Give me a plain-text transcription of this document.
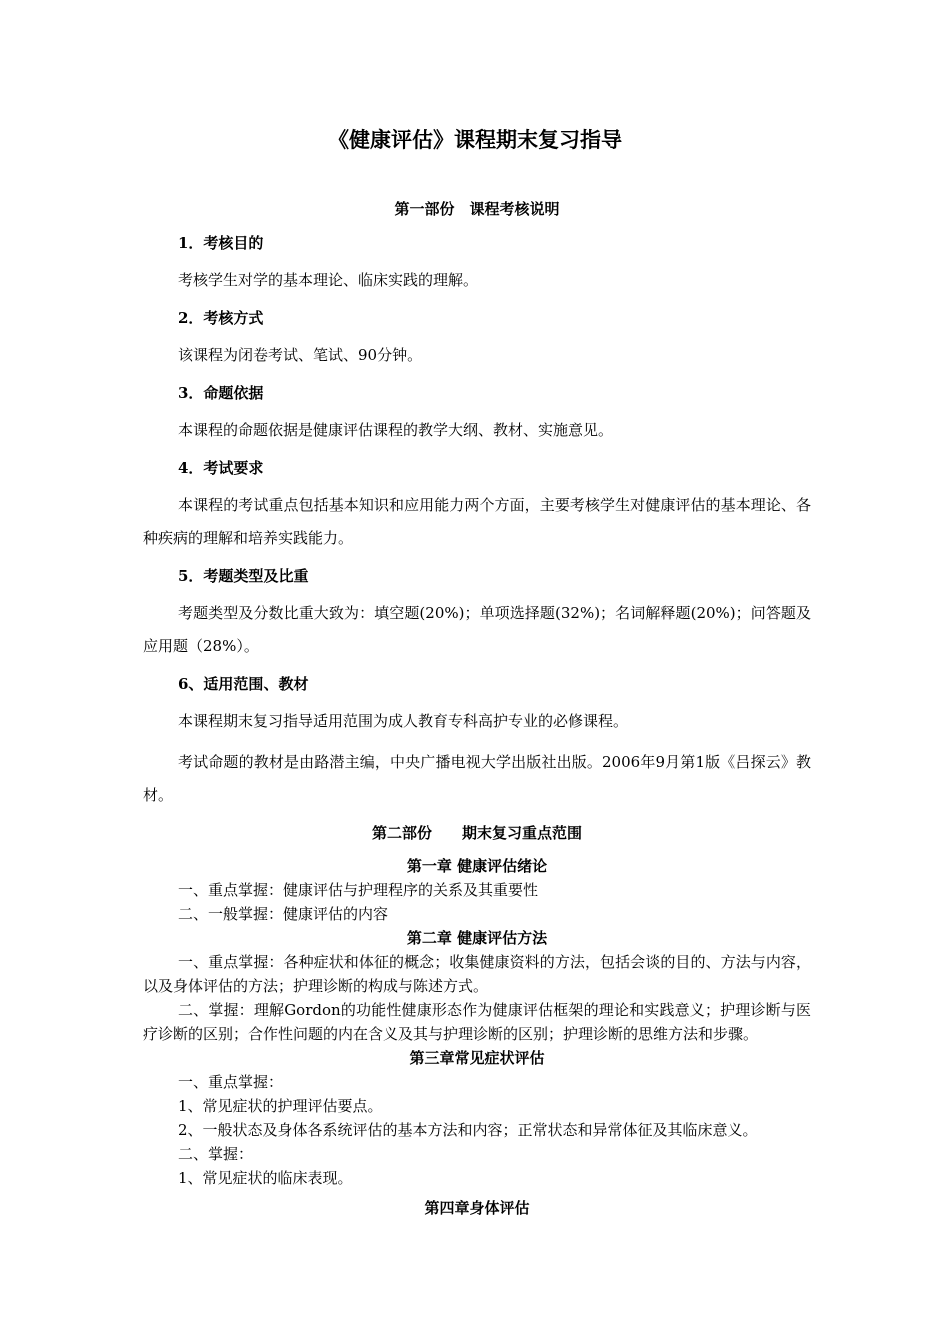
《健康评估》课程期末复习指导
第一部份　课程考核说明
1．考核目的

考核学生对学的基本理论、临床实践的理解。

2．考核方式

该课程为闭卷考试、笔试、90分钟。

3．命题依据

本课程的命题依据是健康评估课程的教学大纲、教材、实施意见。

4．考试要求

本课程的考试重点包括基本知识和应用能力两个方面，主要考核学生对健康评估的基本理论、各种疾病的理解和培养实践能力。

5．考题类型及比重

考题类型及分数比重大致为：填空题(20%)；单项选择题(32%)；名词解释题(20%)；问答题及应用题（28%）。

6、适用范围、教材

本课程期末复习指导适用范围为成人教育专科高护专业的必修课程。

考试命题的教材是由路潜主编，中央广播电视大学出版社出版。2006年9月第1版《吕探云》教材。

第二部份　　期末复习重点范围
第一章 健康评估绪论

一、重点掌握：健康评估与护理程序的关系及其重要性

二、一般掌握：健康评估的内容

第二章 健康评估方法

一、重点掌握：各种症状和体征的概念；收集健康资料的方法，包括会谈的目的、方法与内容，以及身体评估的方法；护理诊断的构成与陈述方式。

二、掌握：理解Gordon的功能性健康形态作为健康评估框架的理论和实践意义；护理诊断与医疗诊断的区别；合作性问题的内在含义及其与护理诊断的区别；护理诊断的思维方法和步骤。

第三章常见症状评估

一、重点掌握：

1、常见症状的护理评估要点。

2、一般状态及身体各系统评估的基本方法和内容；正常状态和异常体征及其临床意义。

二、掌握：

1、常见症状的临床表现。

第四章身体评估
